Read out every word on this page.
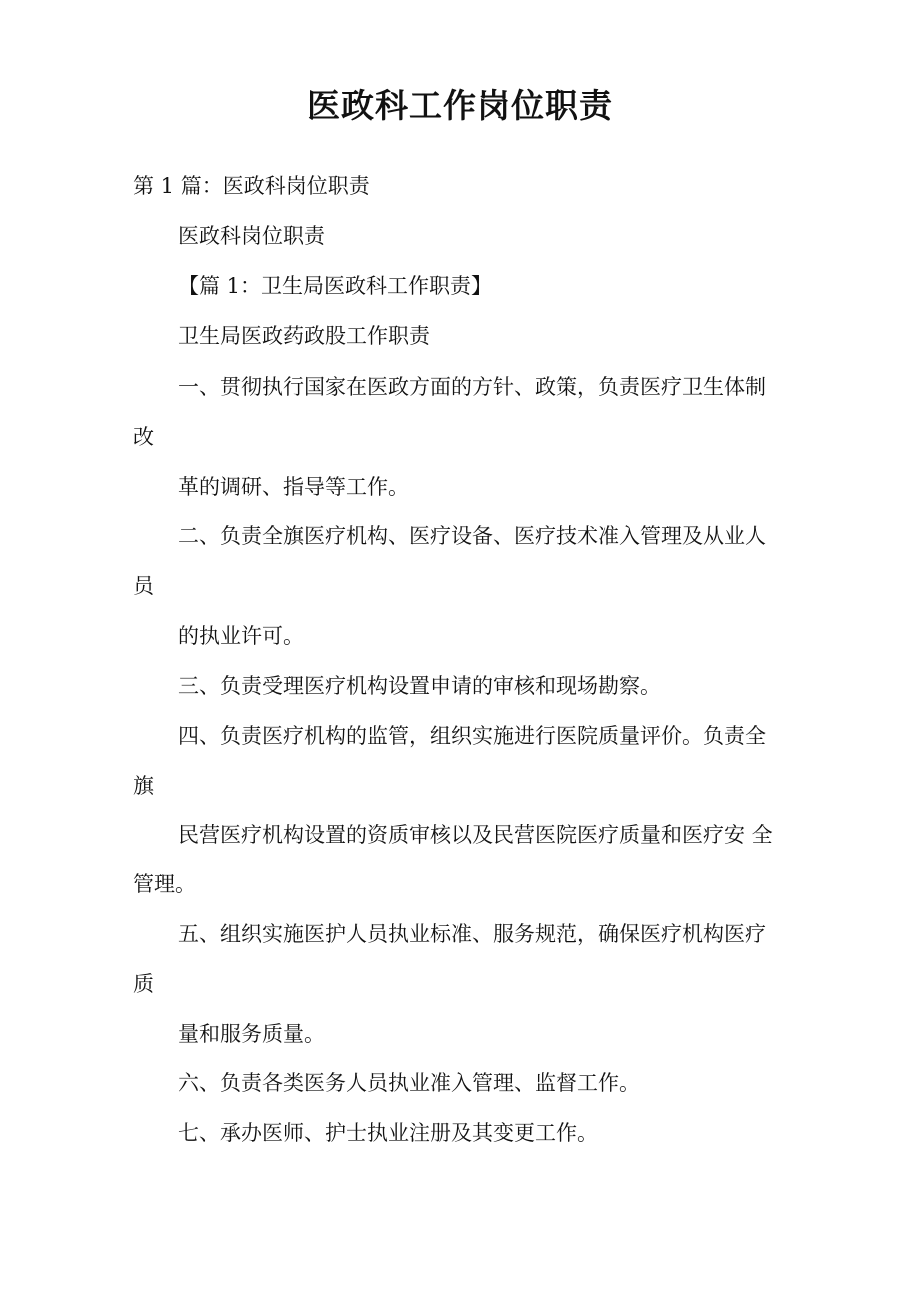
医政科工作岗位职责
第 1 篇：医政科岗位职责
医政科岗位职责
【篇 1：卫生局医政科工作职责】
卫生局医政药政股工作职责
一、贯彻执行国家在医政方面的方针、政策，负责医疗卫生体制
改
革的调研、指导等工作。
二、负责全旗医疗机构、医疗设备、医疗技术准入管理及从业人
员
的执业许可。
三、负责受理医疗机构设置申请的审核和现场勘察。
四、负责医疗机构的监管，组织实施进行医院质量评价。负责全
旗
民营医疗机构设置的资质审核以及民营医院医疗质量和医疗安 全
管理。
五、组织实施医护人员执业标准、服务规范，确保医疗机构医疗
质
量和服务质量。
六、负责各类医务人员执业准入管理、监督工作。
七、承办医师、护士执业注册及其变更工作。
